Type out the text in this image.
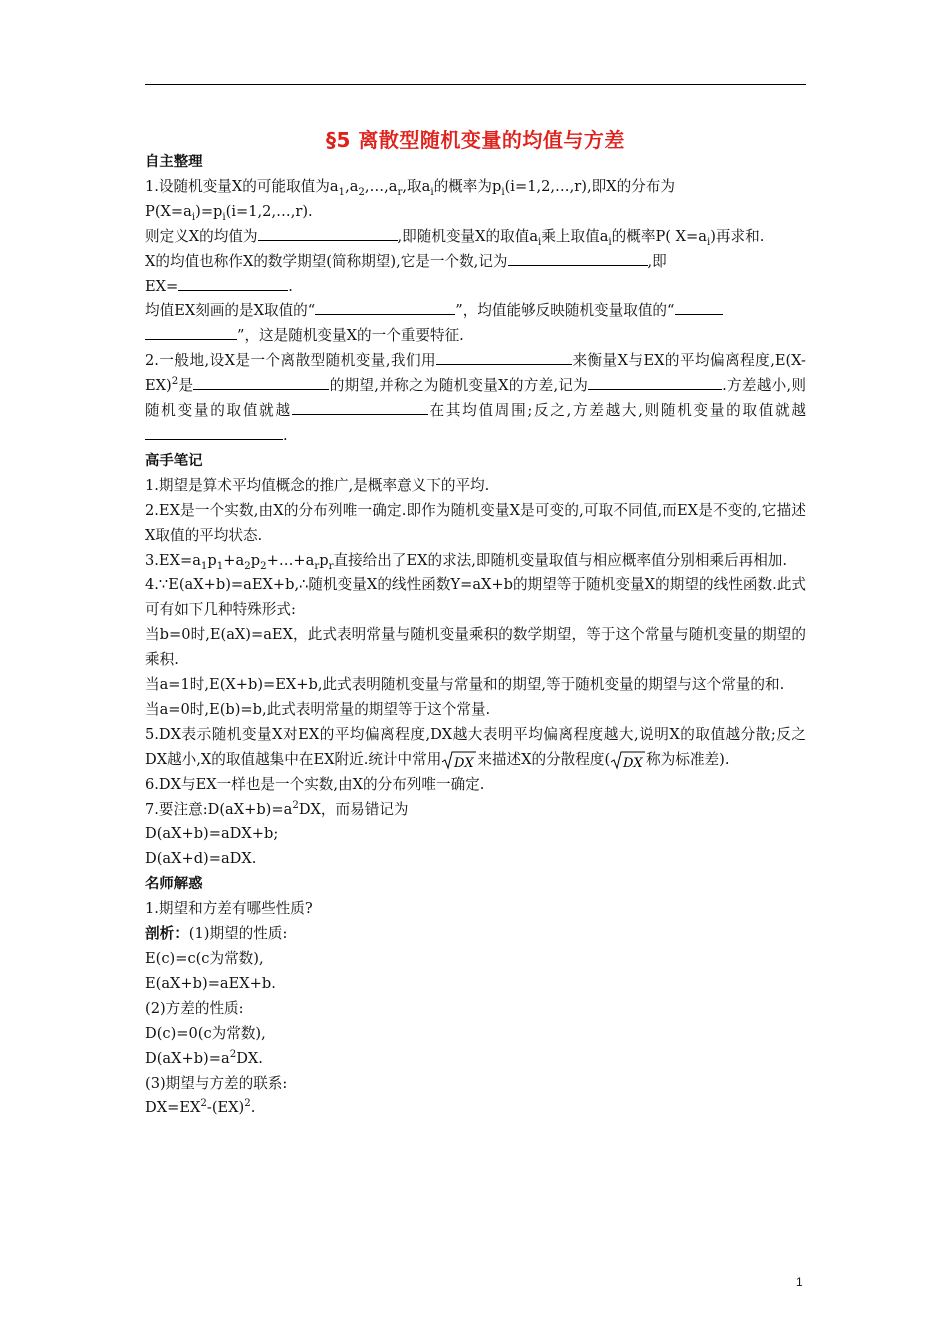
§5 离散型随机变量的均值与方差

自主整理

1.设随机变量X的可能取值为$a_1,a_2,\dots,a_r$,取$a_i$的概率为$p_i(i=1,2,\dots,r)$,即X的分布为

$P(X=a_i)=p_i(i=1,2,\dots,r)$.

则定义X的均值为	,即随机变量X的取值$a_i$乘上取值$a_i$的概率P( $X=a_i$)再求和.

X的均值也称作X的数学期望(简称期望),它是一个数,记为	,即

EX=	.

均值EX刻画的是X取值的“	”，均值能够反映随机变量取值的“

”，这是随机变量X的一个重要特征.

2.一般地,设X是一个离散型随机变量,我们用	来衡量X与EX的平均偏离程度$,E(X-EX)^2$是	的期望,并称之为随机变量X的方差,记为	.方差越小,则随机变量的取值就越	在其均值周围;反之,方差越大,则随机变量的取值就越.

高手笔记

1.期望是算术平均值概念的推广,是概率意义下的平均.

2.EX是一个实数,由X的分布列唯一确定.即作为随机变量X是可变的,可取不同值,而EX是不变的,它描述X取值的平均状态.

$3.EX=a_1p_1+a_2p_2+\dots+a_rp_r$直接给出了EX的求法,即随机变量取值与相应概率值分别相乘后再相加.

4.∵E(aX+b)=aEX+b,∴随机变量X的线性函数Y=aX+b的期望等于随机变量X的期望的线性函数.此式可有如下几种特殊形式:

当b=0时,E(aX)=aEX，此式表明常量与随机变量乘积的数学期望，等于这个常量与随机变量的期望的乘积.

当a=1时,E(X+b)=EX+b,此式表明随机变量与常量和的期望,等于随机变量的期望与这个常量的和.

当a=0时,E(b)=b,此式表明常量的期望等于这个常量.

5.DX表示随机变量X对EX的平均偏离程度,DX越大表明平均偏离程度越大,说明X的取值越分散;反之DX越小,X的取值越集中在EX附近.统计中常用 DX 来描述X的分散程度( DX 称为标准差).

6.DX与EX一样也是一个实数,由X的分布列唯一确定.

7.要注意$:D(aX+b)=a^2DX$，而易错记为

D(aX+b)=aDX+b;

D(aX+d)=aDX.

名师解惑

1.期望和方差有哪些性质?

剖析：(1)期望的性质:

E(c)=c(c为常数),

E(aX+b)=aEX+b.

(2)方差的性质:

D(c)=0(c为常数),

$D(aX+b)=a^2DX$.

(3)期望与方差的联系:

$DX=EX^2-(EX)^2$.

1
